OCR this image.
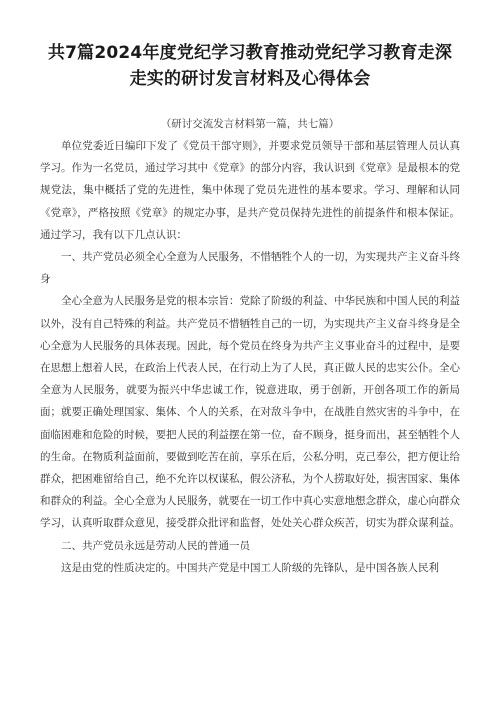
共7篇2024年度党纪学习教育推动党纪学习教育走深走实的研讨发言材料及心得体会
（研讨交流发言材料第一篇，共七篇）

单位党委近日编印下发了《党员干部守则》，并要求党员领导干部和基层管理人员认真学习。作为一名党员，通过学习其中《党章》的部分内容，我认识到《党章》是最根本的党规党法，集中概括了党的先进性，集中体现了党员先进性的基本要求。学习、理解和认同《党章》，严格按照《党章》的规定办事，是共产党员保持先进性的前提条件和根本保证。通过学习，我有以下几点认识：

一、共产党员必须全心全意为人民服务，不惜牺牲个人的一切，为实现共产主义奋斗终身

全心全意为人民服务是党的根本宗旨：党除了阶级的利益、中华民族和中国人民的利益以外，没有自己特殊的利益。共产党员不惜牺牲自己的一切，为实现共产主义奋斗终身是全心全意为人民服务的具体表现。因此，每个党员在终身为共产主义事业奋斗的过程中，是要在思想上想着人民，在政治上代表人民，在行动上为了人民，真正做人民的忠实公仆。全心全意为人民服务，就要为振兴中华忠诚工作，锐意进取，勇于创新，开创各项工作的新局面；就要正确处理国家、集体、个人的关系，在对敌斗争中，在战胜自然灾害的斗争中，在面临困难和危险的时候，要把人民的利益摆在第一位，奋不顾身，挺身而出，甚至牺牲个人的生命。在物质利益面前，要做到吃苦在前，享乐在后，公私分明，克己奉公，把方便让给群众，把困难留给自己，绝不允许以权谋私，假公济私，为个人捞取好处，损害国家、集体和群众的利益。全心全意为人民服务，就要在一切工作中真心实意地想念群众，虚心向群众学习，认真听取群众意见，接受群众批评和监督，处处关心群众疾苦，切实为群众谋利益。

二、共产党员永远是劳动人民的普通一员

这是由党的性质决定的。中国共产党是中国工人阶级的先锋队，是中国各族人民利
